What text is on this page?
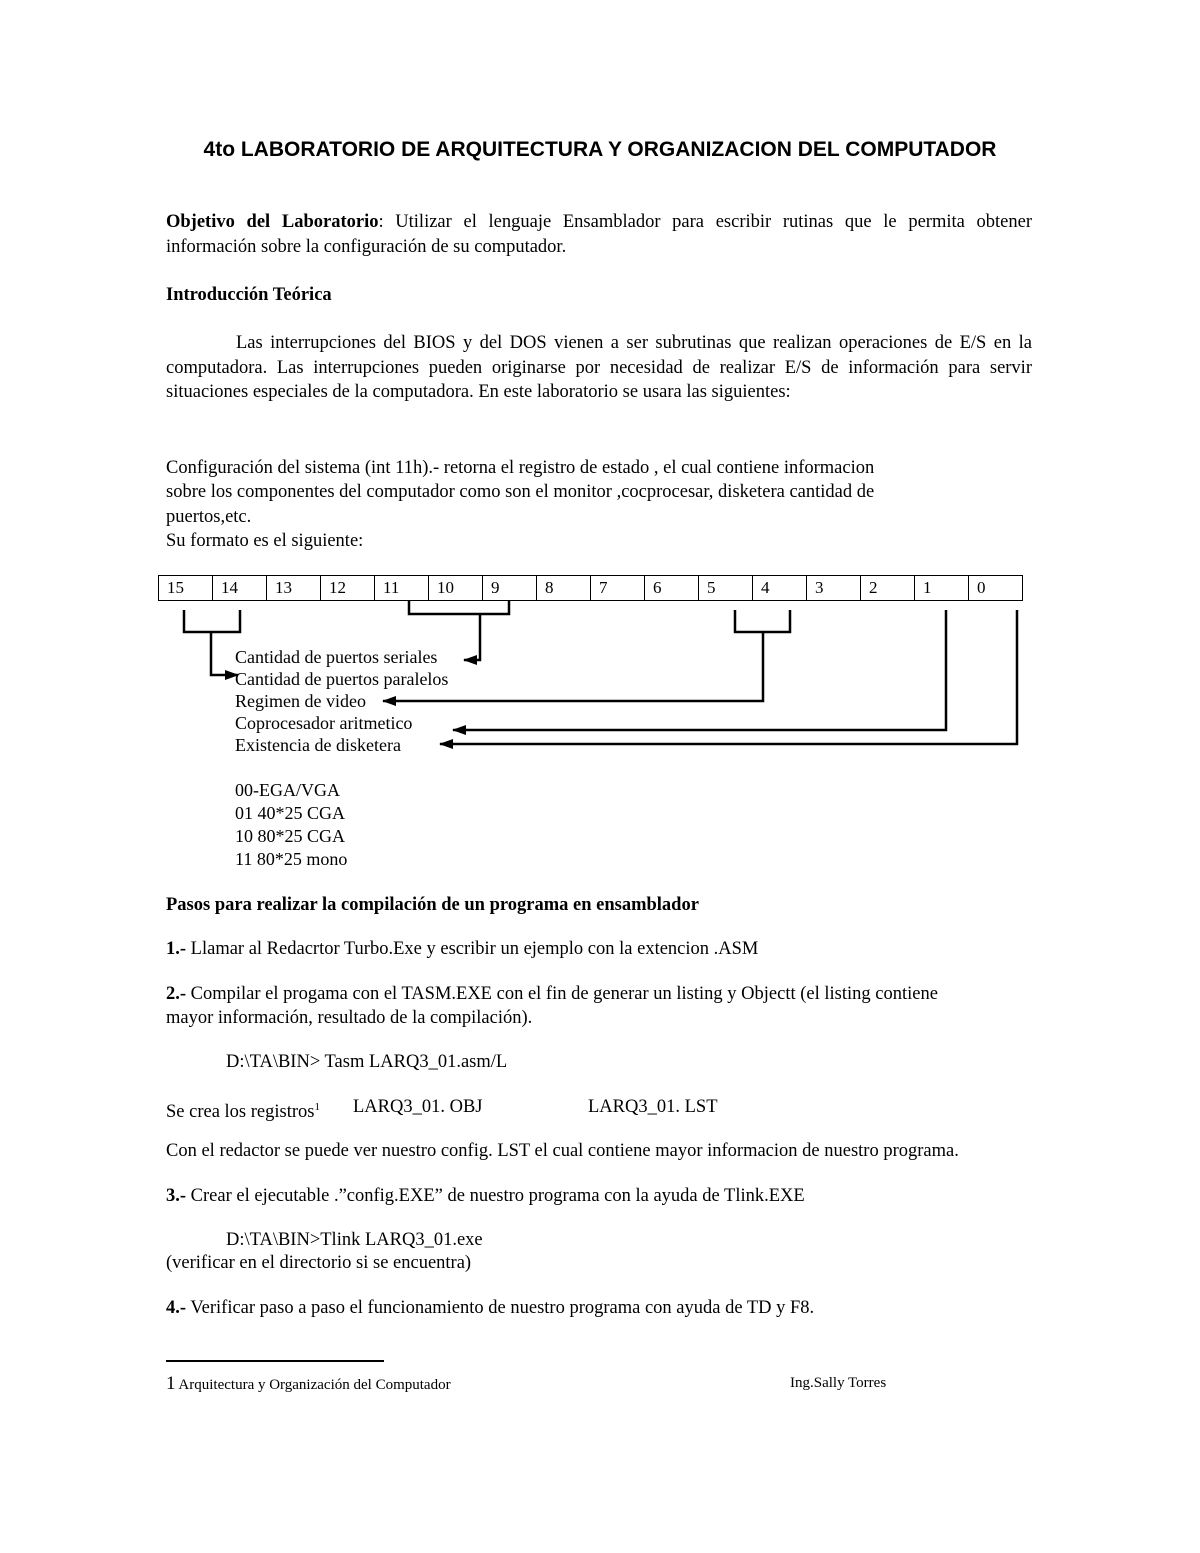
4to LABORATORIO DE ARQUITECTURA Y ORGANIZACION DEL COMPUTADOR
Objetivo del Laboratorio: Utilizar el lenguaje Ensamblador para escribir rutinas que le permita obtener información sobre la configuración de su computador.
Introducción Teórica
Las interrupciones del BIOS y del DOS vienen a ser subrutinas que realizan operaciones de E/S en la computadora. Las interrupciones pueden originarse por necesidad de realizar E/S de información para servir situaciones especiales de la computadora. En este laboratorio se usara las siguientes:
Configuración del sistema (int 11h).- retorna el registro de estado , el cual contiene informacion
sobre los componentes del computador como son el monitor ,cocprocesar, disketera cantidad de
puertos,etc.
Su formato es el siguiente:
15	14	13	12	11	10	9	8	7	6	5	4	3	2	1	0
Cantidad de puertos seriales
Cantidad de puertos paralelos
Regimen de video
Coprocesador aritmetico
Existencia de disketera
00-EGA/VGA
01 40*25 CGA
10 80*25 CGA
11 80*25 mono
Pasos para realizar la compilación de un programa en ensamblador
1.- Llamar al Redacrtor Turbo.Exe y escribir un ejemplo con la extencion .ASM
2.- Compilar el progama con el TASM.EXE con el fin de generar un listing y Objectt (el listing contiene
mayor información, resultado de la compilación).
D:\TA\BIN> Tasm LARQ3_01.asm/L
Se crea los registros$^1$ LARQ3_01. OBJ	LARQ3_01. LST
Con el redactor se puede ver nuestro config. LST el cual contiene mayor informacion de nuestro programa.
3.- Crear el ejecutable .”config.EXE” de nuestro programa con la ayuda de Tlink.EXE
D:\TA\BIN>Tlink LARQ3_01.exe
(verificar en el directorio si se encuentra)
4.- Verificar paso a paso el funcionamiento de nuestro programa con ayuda de TD y F8.
1 Arquitectura y Organización del Computador	Ing.Sally Torres
